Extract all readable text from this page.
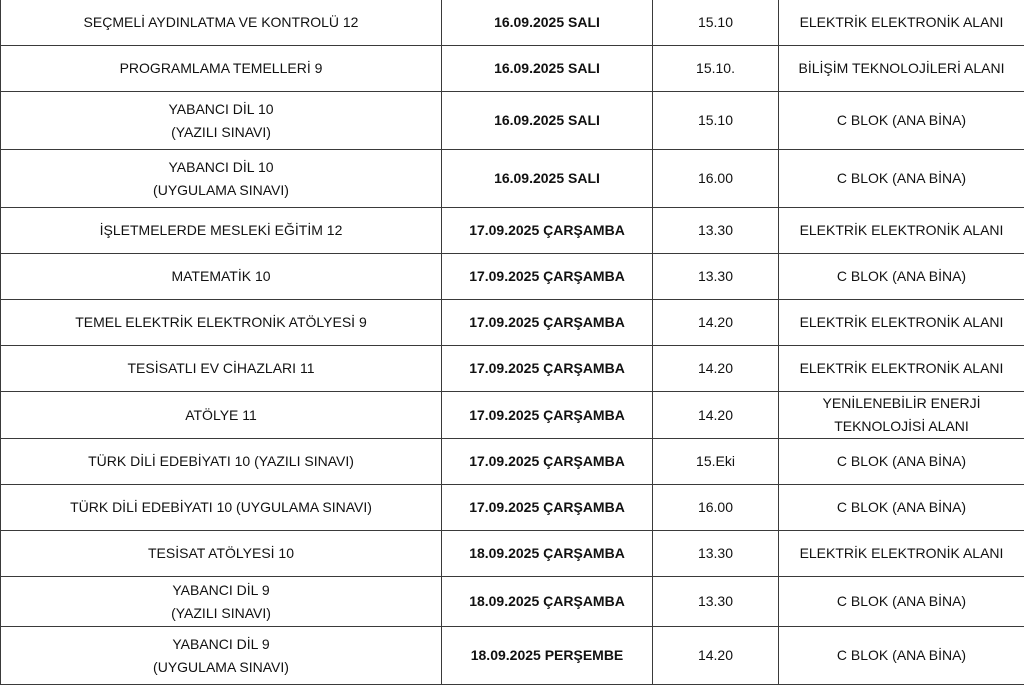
SEÇMELİ AYDINLATMA VE KONTROLÜ 12	16.09.2025 SALI	15.10	ELEKTRİK ELEKTRONİK ALANI

PROGRAMLAMA TEMELLERİ 9	16.09.2025 SALI	15.10.	BİLİŞİM TEKNOLOJİLERİ ALANI

YABANCI DİL 10
(YAZILI SINAVI)	16.09.2025 SALI	15.10	C BLOK (ANA BİNA)

YABANCI DİL 10
(UYGULAMA SINAVI)	16.09.2025 SALI	16.00	C BLOK (ANA BİNA)

İŞLETMELERDE MESLEKİ EĞİTİM 12	17.09.2025 ÇARŞAMBA	13.30	ELEKTRİK ELEKTRONİK ALANI

MATEMATİK 10	17.09.2025 ÇARŞAMBA	13.30	C BLOK (ANA BİNA)

TEMEL ELEKTRİK ELEKTRONİK ATÖLYESİ 9	17.09.2025 ÇARŞAMBA	14.20	ELEKTRİK ELEKTRONİK ALANI

TESİSATLI EV CİHAZLARI 11	17.09.2025 ÇARŞAMBA	14.20	ELEKTRİK ELEKTRONİK ALANI

ATÖLYE 11	17.09.2025 ÇARŞAMBA	14.20	YENİLENEBİLİR ENERJİ
TEKNOLOJİSİ ALANI

TÜRK DİLİ EDEBİYATI 10 (YAZILI SINAVI)	17.09.2025 ÇARŞAMBA	15.Eki	C BLOK (ANA BİNA)

TÜRK DİLİ EDEBİYATI 10 (UYGULAMA SINAVI)	17.09.2025 ÇARŞAMBA	16.00	C BLOK (ANA BİNA)

TESİSAT ATÖLYESİ 10	18.09.2025 ÇARŞAMBA	13.30	ELEKTRİK ELEKTRONİK ALANI

YABANCI DİL 9
(YAZILI SINAVI)	18.09.2025 ÇARŞAMBA	13.30	C BLOK (ANA BİNA)

YABANCI DİL 9
(UYGULAMA SINAVI)	18.09.2025 PERŞEMBE	14.20	C BLOK (ANA BİNA)
